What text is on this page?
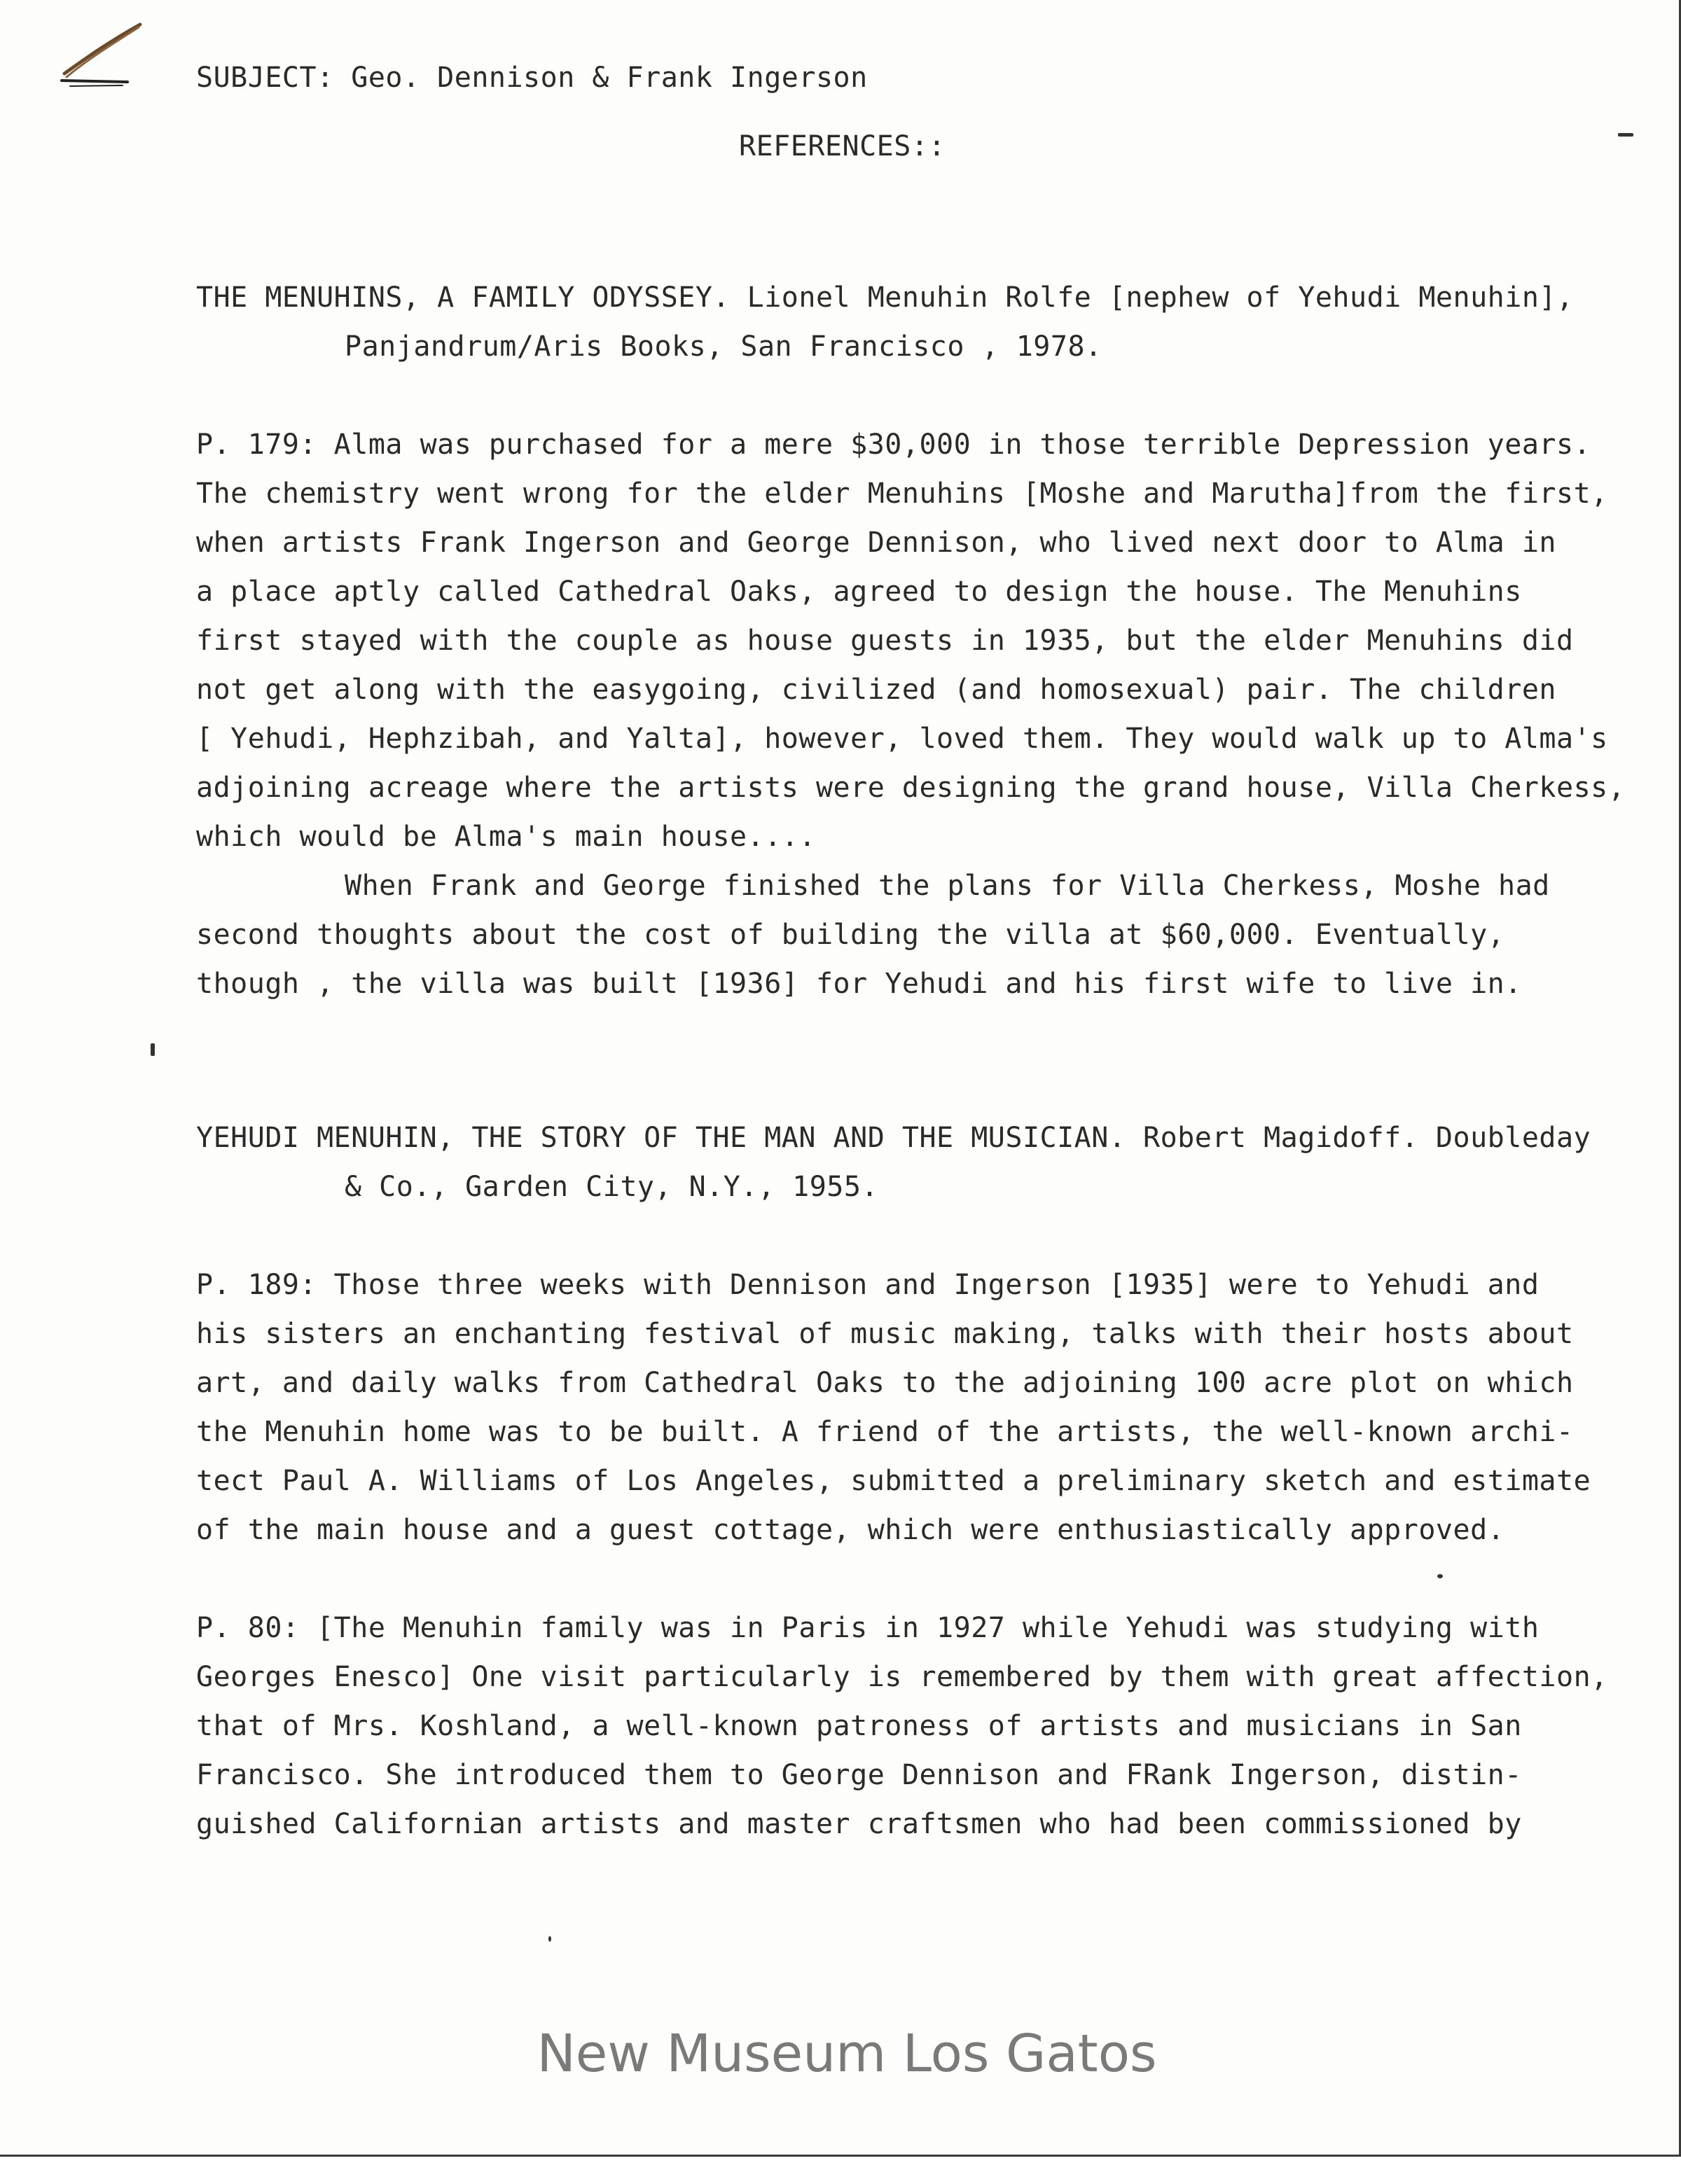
SUBJECT: Geo. Dennison & Frank Ingerson
REFERENCES::
THE MENUHINS, A FAMILY ODYSSEY. Lionel Menuhin Rolfe [nephew of Yehudi Menuhin],
Panjandrum/Aris Books, San Francisco , 1978.
P. 179: Alma was purchased for a mere $30,000 in those terrible Depression years.
The chemistry went wrong for the elder Menuhins [Moshe and Marutha]from the first,
when artists Frank Ingerson and George Dennison, who lived next door to Alma in
a place aptly called Cathedral Oaks, agreed to design the house. The Menuhins
first stayed with the couple as house guests in 1935, but the elder Menuhins did
not get along with the easygoing, civilized (and homosexual) pair. The children
[ Yehudi, Hephzibah, and Yalta], however, loved them. They would walk up to Alma's
adjoining acreage where the artists were designing the grand house, Villa Cherkess,
which would be Alma's main house....
When Frank and George finished the plans for Villa Cherkess, Moshe had
second thoughts about the cost of building the villa at $60,000. Eventually,
though , the villa was built [1936] for Yehudi and his first wife to live in.
YEHUDI MENUHIN, THE STORY OF THE MAN AND THE MUSICIAN. Robert Magidoff. Doubleday
& Co., Garden City, N.Y., 1955.
P. 189: Those three weeks with Dennison and Ingerson [1935] were to Yehudi and
his sisters an enchanting festival of music making, talks with their hosts about
art, and daily walks from Cathedral Oaks to the adjoining 100 acre plot on which
the Menuhin home was to be built. A friend of the artists, the well-known archi-
tect Paul A. Williams of Los Angeles, submitted a preliminary sketch and estimate
of the main house and a guest cottage, which were enthusiastically approved.
P. 80: [The Menuhin family was in Paris in 1927 while Yehudi was studying with
Georges Enesco] One visit particularly is remembered by them with great affection,
that of Mrs. Koshland, a well-known patroness of artists and musicians in San
Francisco. She introduced them to George Dennison and FRank Ingerson, distin-
guished Californian artists and master craftsmen who had been commissioned by
New Museum Los Gatos
